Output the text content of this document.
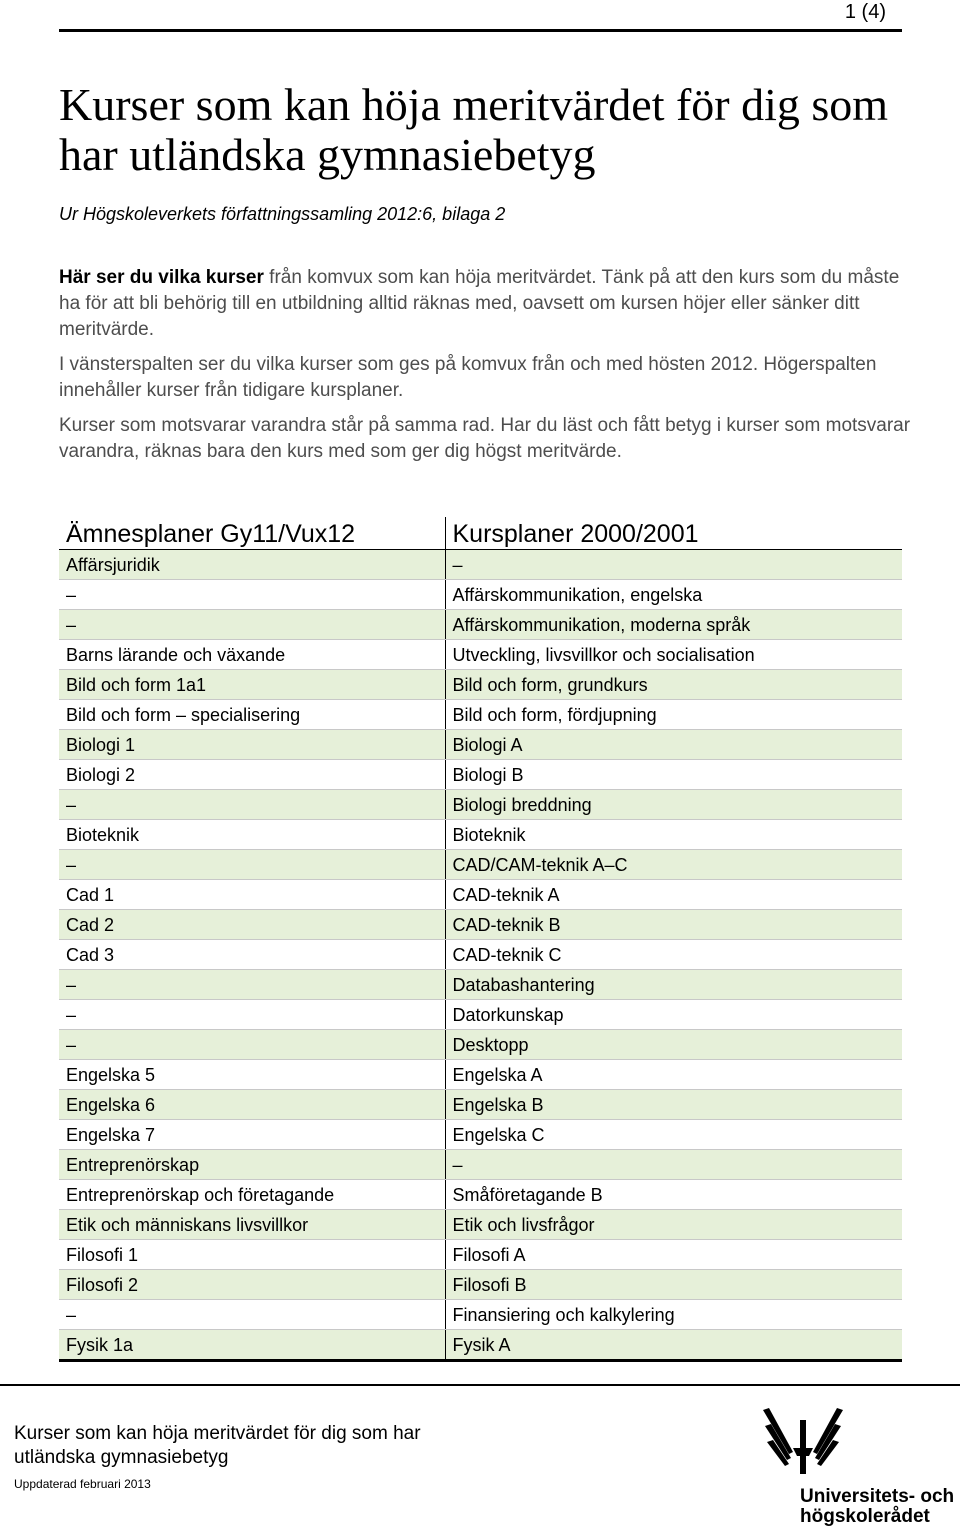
1 (4)
Kurser som kan höja meritvärdet för dig som har utländska gymnasiebetyg

Ur Högskoleverkets författningssamling 2012:6, bilaga 2

Här ser du vilka kurser från komvux som kan höja meritvärdet. Tänk på att den kurs som du måste ha för att bli behörig till en utbildning alltid räknas med, oavsett om kursen höjer eller sänker ditt meritvärde.

I vänsterspalten ser du vilka kurser som ges på komvux från och med hösten 2012. Högerspalten innehåller kurser från tidigare kursplaner.

Kurser som motsvarar varandra står på samma rad. Har du läst och fått betyg i kurser som motsvarar varandra, räknas bara den kurs med som ger dig högst meritvärde.

Ämnesplaner Gy11/Vux12	Kursplaner 2000/2001
Affärsjuridik	–
–	Affärskommunikation, engelska
–	Affärskommunikation, moderna språk
Barns lärande och växande	Utveckling, livsvillkor och socialisation
Bild och form 1a1	Bild och form, grundkurs
Bild och form – specialisering	Bild och form, fördjupning
Biologi 1	Biologi A
Biologi 2	Biologi B
–	Biologi breddning
Bioteknik	Bioteknik
–	CAD/CAM-teknik A–C
Cad 1	CAD-teknik A
Cad 2	CAD-teknik B
Cad 3	CAD-teknik C
–	Databashantering
–	Datorkunskap
–	Desktopp
Engelska 5	Engelska A
Engelska 6	Engelska B
Engelska 7	Engelska C
Entreprenörskap	–
Entreprenörskap och företagande	Småföretagande B
Etik och människans livsvillkor	Etik och livsfrågor
Filosofi 1	Filosofi A
Filosofi 2	Filosofi B
–	Finansiering och kalkylering
Fysik 1a	Fysik A

Kurser som kan höja meritvärdet för dig som har utländska gymnasiebetyg

Uppdaterad februari 2013
Universitets- och
högskolerådet
